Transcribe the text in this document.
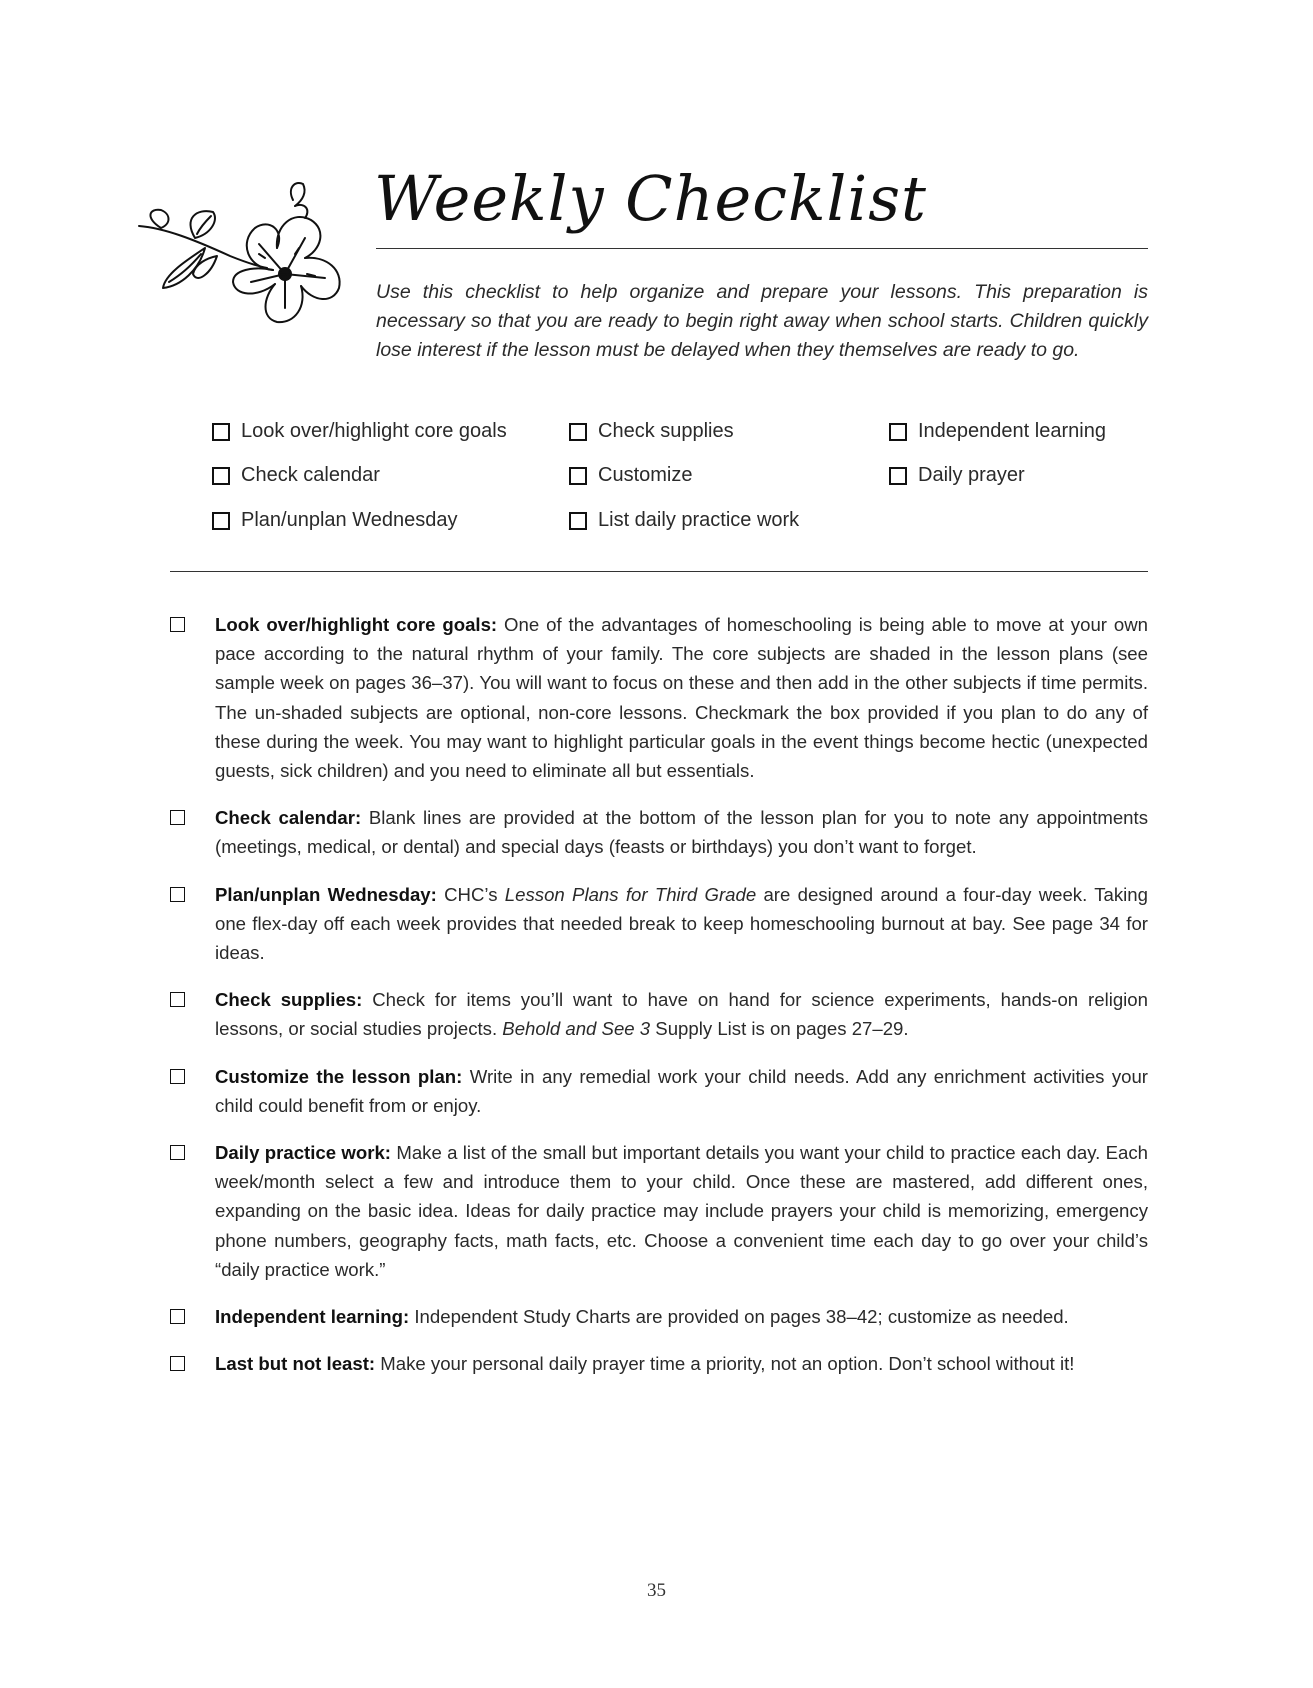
Weekly Checklist
Use this checklist to help organize and prepare your lessons. This preparation is necessary so that you are ready to begin right away when school starts. Children quickly lose interest if the lesson must be delayed when they themselves are ready to go.
Look over/highlight core goals
Check calendar
Plan/unplan Wednesday
Check supplies
Customize
List daily practice work
Independent learning
Daily prayer
Look over/highlight core goals: One of the advantages of homeschooling is being able to move at your own pace according to the natural rhythm of your family. The core subjects are shaded in the lesson plans (see sample week on pages 36–37). You will want to focus on these and then add in the other subjects if time permits. The un-shaded subjects are optional, non-core lessons. Checkmark the box provided if you plan to do any of these during the week. You may want to highlight particular goals in the event things become hectic (unexpected guests, sick children) and you need to eliminate all but essentials.
Check calendar: Blank lines are provided at the bottom of the lesson plan for you to note any appointments (meetings, medical, or dental) and special days (feasts or birthdays) you don’t want to forget.
Plan/unplan Wednesday: CHC’s Lesson Plans for Third Grade are designed around a four-day week. Taking one flex-day off each week provides that needed break to keep homeschooling burnout at bay. See page 34 for ideas.
Check supplies: Check for items you’ll want to have on hand for science experiments, hands-on religion lessons, or social studies projects. Behold and See 3 Supply List is on pages 27–29.
Customize the lesson plan: Write in any remedial work your child needs. Add any enrichment activities your child could benefit from or enjoy.
Daily practice work: Make a list of the small but important details you want your child to practice each day. Each week/month select a few and introduce them to your child. Once these are mastered, add different ones, expanding on the basic idea. Ideas for daily practice may include prayers your child is memorizing, emergency phone numbers, geography facts, math facts, etc. Choose a convenient time each day to go over your child’s “daily practice work.”
Independent learning: Independent Study Charts are provided on pages 38–42; customize as needed.
Last but not least: Make your personal daily prayer time a priority, not an option. Don’t school without it!
35
